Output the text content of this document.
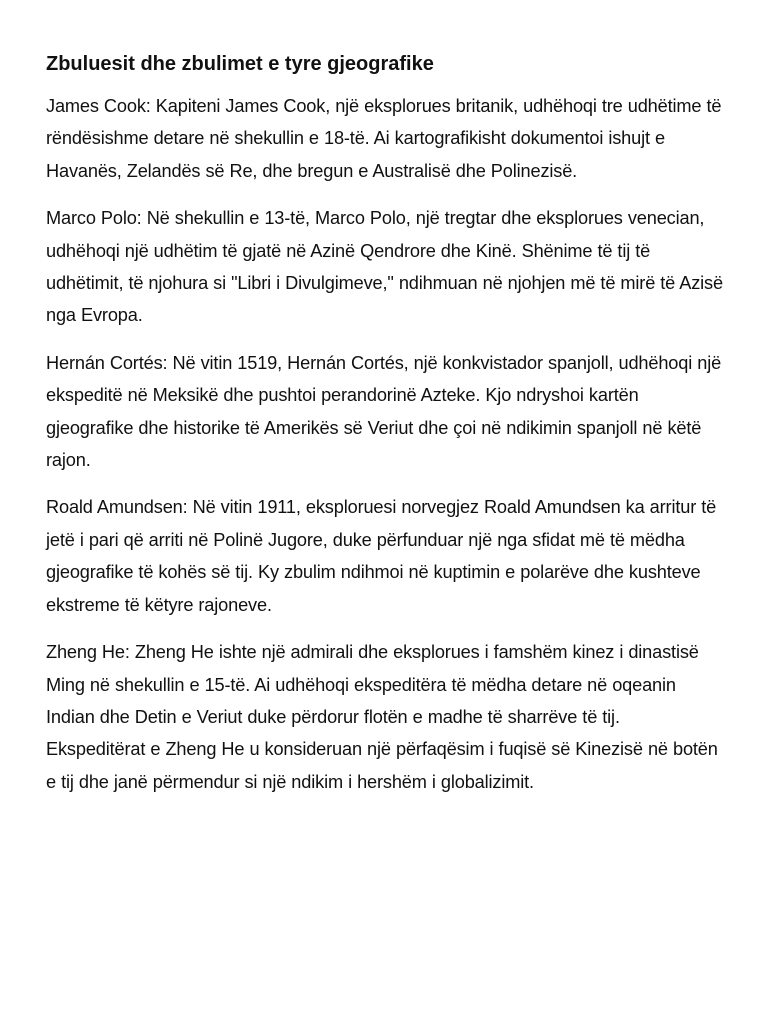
Zbuluesit dhe zbulimet e tyre gjeografike

James Cook: Kapiteni James Cook, një eksplorues britanik, udhëhoqi tre udhëtime të rëndësishme detare në shekullin e 18-të. Ai kartografikisht dokumentoi ishujt e Havanës, Zelandës së Re, dhe bregun e Australisë dhe Polinezisë.

Marco Polo: Në shekullin e 13-të, Marco Polo, një tregtar dhe eksplorues venecian, udhëhoqi një udhëtim të gjatë në Azinë Qendrore dhe Kinë. Shënime të tij të udhëtimit, të njohura si "Libri i Divulgimeve," ndihmuan në njohjen më të mirë të Azisë nga Evropa.

Hernán Cortés: Në vitin 1519, Hernán Cortés, një konkvistador spanjoll, udhëhoqi një ekspeditë në Meksikë dhe pushtoi perandorinë Azteke. Kjo ndryshoi kartën gjeografike dhe historike të Amerikës së Veriut dhe çoi në ndikimin spanjoll në këtë rajon.

Roald Amundsen: Në vitin 1911, eksploruesi norvegjez Roald Amundsen ka arritur të jetë i pari që arriti në Polinë Jugore, duke përfunduar një nga sfidat më të mëdha gjeografike të kohës së tij. Ky zbulim ndihmoi në kuptimin e polarëve dhe kushteve ekstreme të këtyre rajoneve.

Zheng He: Zheng He ishte një admirali dhe eksplorues i famshëm kinez i dinastisë Ming në shekullin e 15-të. Ai udhëhoqi ekspeditëra të mëdha detare në oqeanin Indian dhe Detin e Veriut duke përdorur flotën e madhe të sharrëve të tij. Ekspeditërat e Zheng He u konsideruan një përfaqësim i fuqisë së Kinezisë në botën e tij dhe janë përmendur si një ndikim i hershëm i globalizimit.
